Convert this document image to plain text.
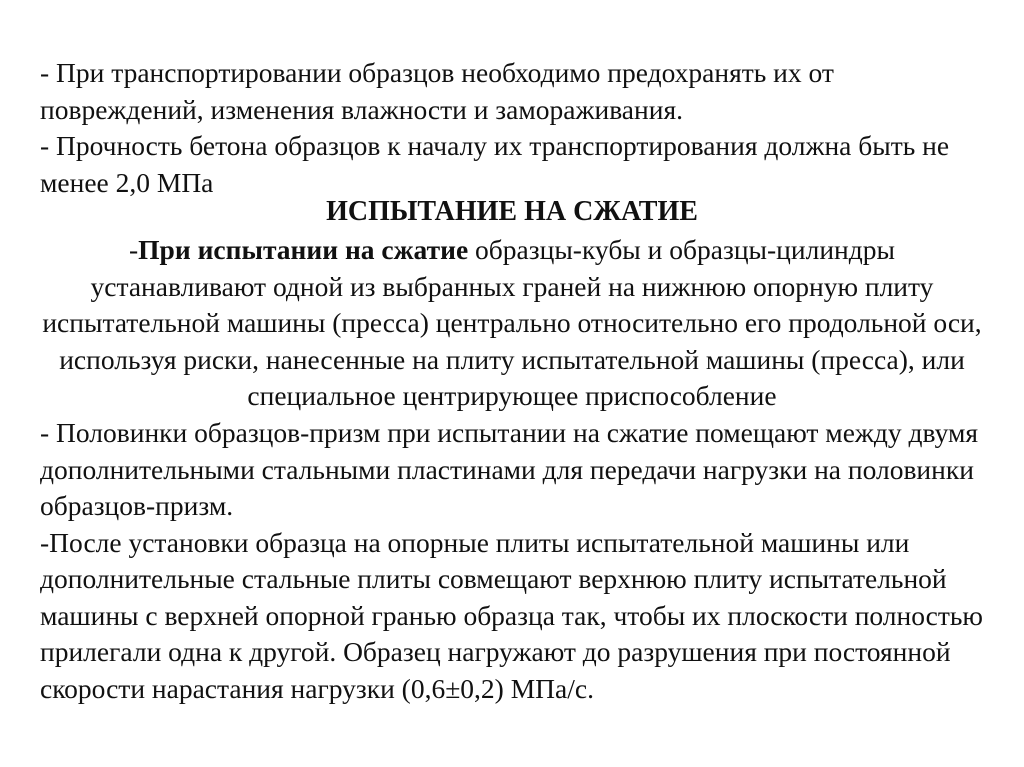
- При транспортировании образцов необходимо предохранять их от повреждений, изменения влажности и замораживания.

- Прочность бетона образцов к началу их транспортирования должна быть не менее 2,0 МПа

ИСПЫТАНИЕ НА СЖАТИЕ

-При испытании на сжатие образцы-кубы и образцы-цилиндры устанавливают одной из выбранных граней на нижнюю опорную плиту испытательной машины (пресса) центрально относительно его продольной оси, используя риски, нанесенные на плиту испытательной машины (пресса), или специальное центрирующее приспособление

- Половинки образцов-призм при испытании на сжатие помещают между двумя дополнительными стальными пластинами для передачи нагрузки на половинки образцов-призм.

-После установки образца на опорные плиты испытательной машины или дополнительные стальные плиты совмещают верхнюю плиту испытательной машины с верхней опорной гранью образца так, чтобы их плоскости полностью прилегали одна к другой. Образец нагружают до разрушения при постоянной скорости нарастания нагрузки (0,6±0,2) МПа/с.
